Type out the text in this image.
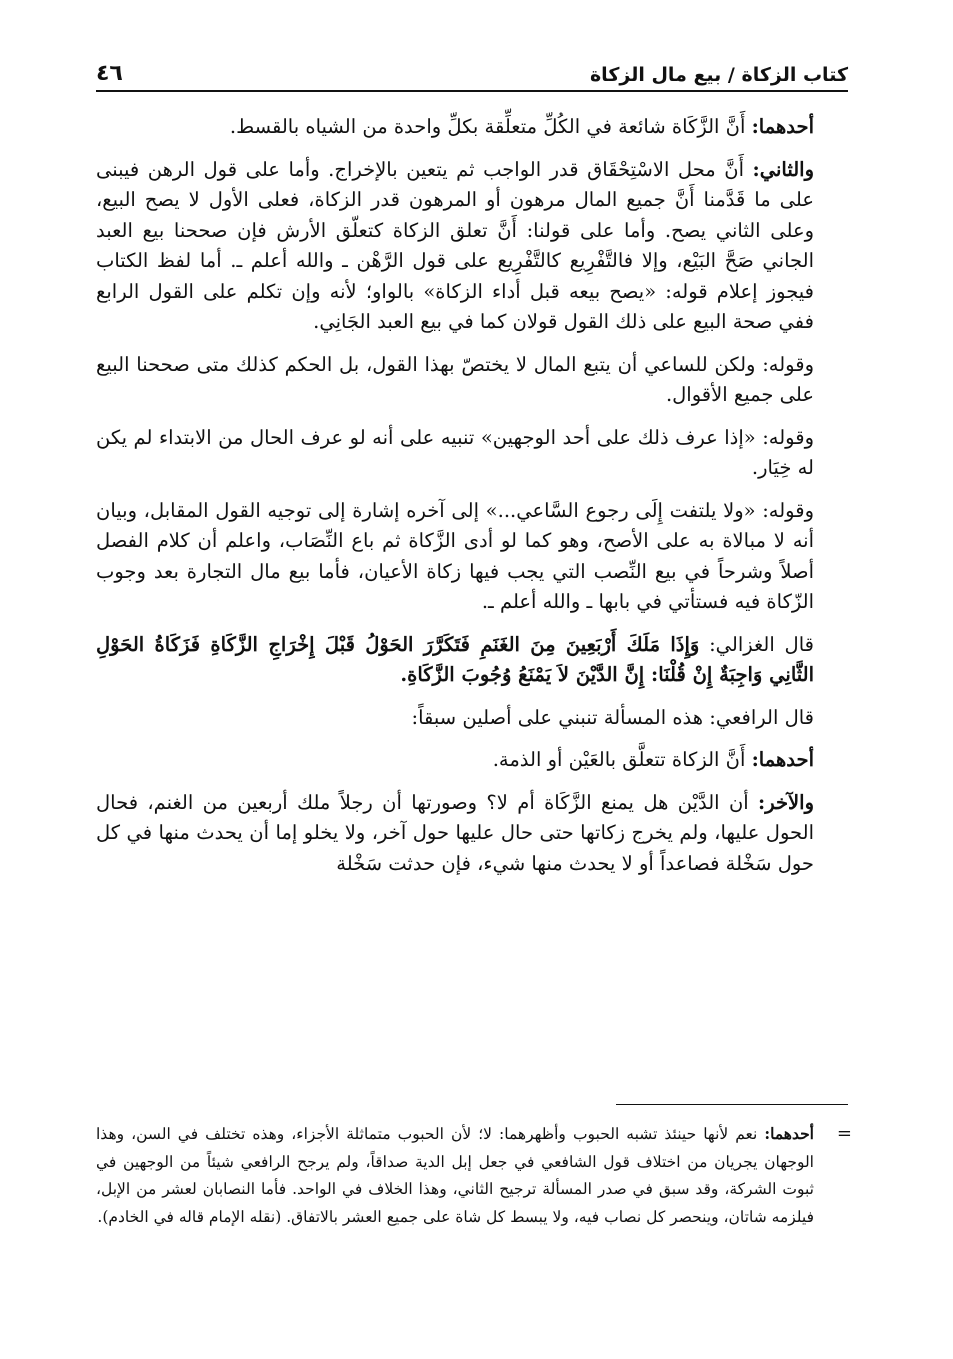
كتاب الزكاة / بيع مال الزكاة
٤٦

أحدهما: أَنَّ الزَّكَاة شائعة في الكُلِّ متعلِّقة بكلِّ واحدة من الشياه بالقسط.

والثاني: أَنَّ محل الاسْتِحْقَاق قدر الواجب ثم يتعين بالإخراج. وأما على قول الرهن فيبنى على ما قَدَّمنا أَنَّ جميع المال مرهون أو المرهون قدر الزكاة، فعلى الأول لا يصح البيع، وعلى الثاني يصح. وأما على قولنا: أَنَّ تعلق الزكاة كتعلّق الأرش فإن صححنا بيع العبد الجاني صَحَّ البَيْع، وإلا فالتَّفْرِيع كالتَّفْرِيع على قول الرَّهْن ـ والله أعلم ـ. أما لفظ الكتاب فيجوز إعلام قوله: «يصح بيعه قبل أداء الزكاة» بالواو؛ لأنه وإن تكلم على القول الرابع ففي صحة البيع على ذلك القول قولان كما في بيع العبد الجَانِي.

وقوله: ولكن للساعي أن يتبع المال لا يختصّ بهذا القول، بل الحكم كذلك متى صححنا البيع على جميع الأقوال.

وقوله: «إذا عرف ذلك على أحد الوجهين» تنبيه على أنه لو عرف الحال من الابتداء لم يكن له خِيَار.

وقوله: «ولا يلتفت إِلَى رجوع السَّاعي...» إلى آخره إشارة إلى توجيه القول المقابل، وبيان أنه لا مبالاة به على الأصح، وهو كما لو أدى الزَّكاة ثم باع النِّصَاب، واعلم أن كلام الفصل أصلاً وشرحاً في بيع النِّصب التي يجب فيها زكاة الأعيان، فأما بيع مال التجارة بعد وجوب الزّكاة فيه فستأتي في بابها ـ والله أعلم ـ.

قال الغزالي: وَإِذَا مَلَكَ أَرْبَعِينَ مِنَ الغَنَمِ فَتَكَرَّرَ الحَوْلُ قَبْلَ إِخْرَاجِ الزَّكَاةِ فَزَكَاةُ الحَوْلِ الثَّانِي وَاجِبَةٌ إِنْ قُلْنَا: إِنَّ الدَّيْنَ لاَ يَمْنَعُ وُجُوبَ الزَّكَاةِ.

قال الرافعي: هذه المسألة تنبني على أصلين سبقاً:

أحدهما: أَنَّ الزكاة تتعلَّق بالعَيْن أو الذمة.

والآخر: أن الدَّيْن هل يمنع الزَّكَاة أم لا؟ وصورتها أن رجلاً ملك أربعين من الغنم، فحال الحول عليها، ولم يخرج زكاتها حتى حال عليها حول آخر، ولا يخلو إما أن يحدث منها في كل حول سَخْلة فصاعداً أو لا يحدث منها شيء، فإن حدثت سَخْلة

=
أحدهما: نعم لأنها حينئذ تشبه الحبوب وأظهرهما: لا؛ لأن الحبوب متماثلة الأجزاء، وهذه تختلف في السن، وهذا الوجهان يجريان من اختلاف قول الشافعي في جعل إبل الدية صداقاً، ولم يرجح الرافعي شيئاً من الوجهين في ثبوت الشركة، وقد سبق في صدر المسألة ترجيح الثاني، وهذا الخلاف في الواحد. فأما النصابان لعشر من الإبل، فيلزمه شاتان، وينحصر كل نصاب فيه، ولا يبسط كل شاة على جميع العشر بالاتفاق. (نقله الإمام قاله في الخادم).
